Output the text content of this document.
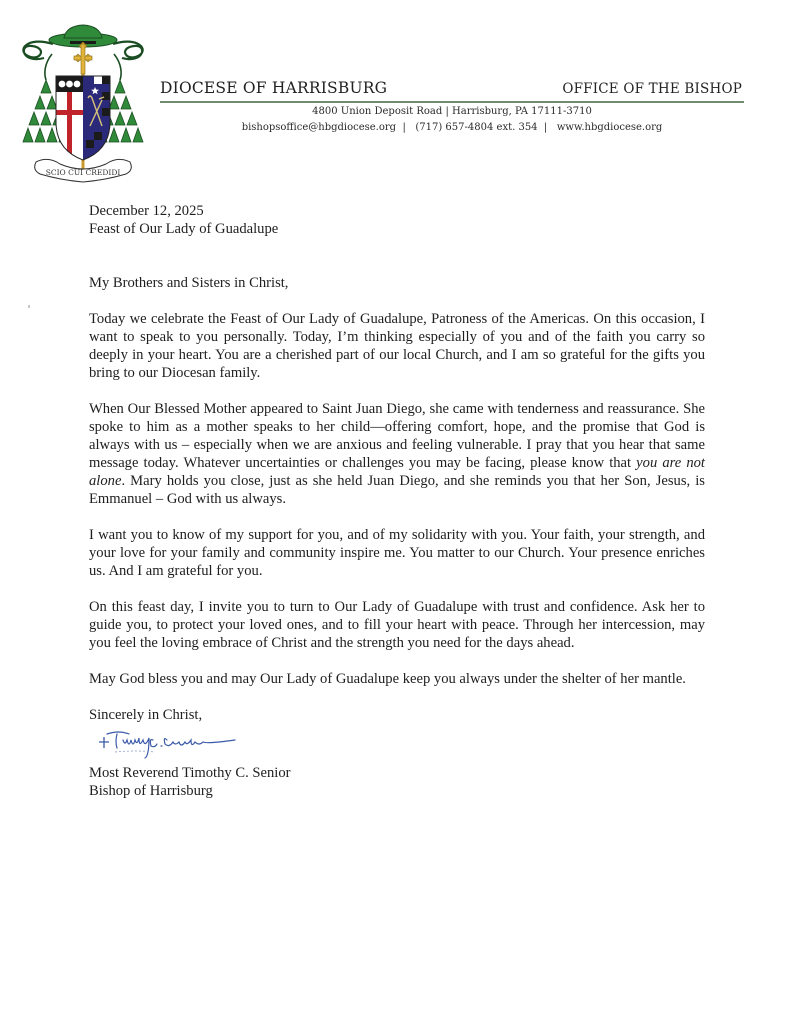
SCIO CUI CREDIDI
DIOCESE OF HARRISBURG	OFFICE OF THE BISHOP
4800 Union Deposit Road | Harrisburg, PA 17111-3710
bishopsoffice@hbgdiocese.org  |   (717) 657-4804 ext. 354  |   www.hbgdiocese.org

December 12, 2025

Feast of Our Lady of Guadalupe

My Brothers and Sisters in Christ,

Today we celebrate the Feast of Our Lady of Guadalupe, Patroness of the Americas. On this occasion, I want to speak to you personally. Today, I’m thinking especially of you and of the faith you carry so deeply in your heart. You are a cherished part of our local Church, and I am so grateful for the gifts you bring to our Diocesan family.

When Our Blessed Mother appeared to Saint Juan Diego, she came with tenderness and reassurance. She spoke to him as a mother speaks to her child—offering comfort, hope, and the promise that God is always with us – especially when we are anxious and feeling vulnerable. I pray that you hear that same message today. Whatever uncertainties or challenges you may be facing, please know that you are not alone. Mary holds you close, just as she held Juan Diego, and she reminds you that her Son, Jesus, is Emmanuel – God with us always.

I want you to know of my support for you, and of my solidarity with you. Your faith, your strength, and your love for your family and community inspire me. You matter to our Church. Your presence enriches us. And I am grateful for you.

On this feast day, I invite you to turn to Our Lady of Guadalupe with trust and confidence. Ask her to guide you, to protect your loved ones, and to fill your heart with peace. Through her intercession, may you feel the loving embrace of Christ and the strength you need for the days ahead.

May God bless you and may Our Lady of Guadalupe keep you always under the shelter of her mantle.

Sincerely in Christ,

Most Reverend Timothy C. Senior

Bishop of Harrisburg
